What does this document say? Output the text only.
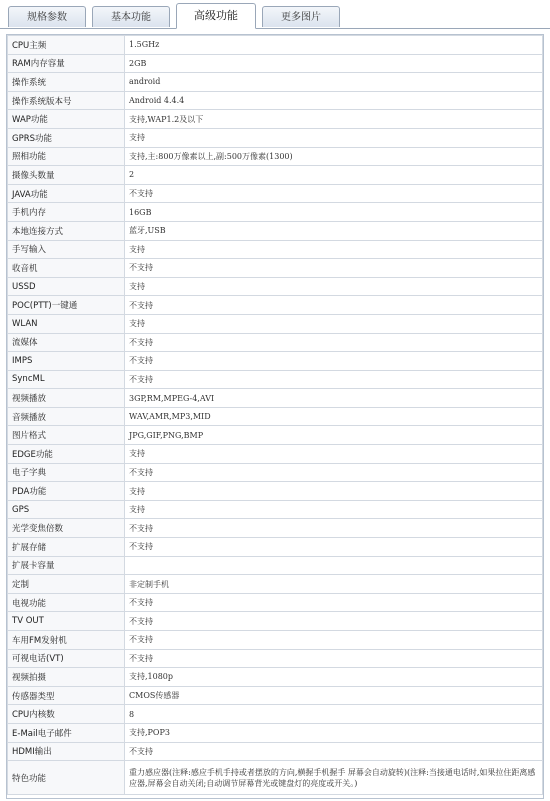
规格参数	基本功能	高级功能	更多图片
CPU主频	1.5GHz
RAM内存容量	2GB
操作系统	android
操作系统版本号	Android 4.4.4
WAP功能	支持,WAP1.2及以下
GPRS功能	支持
照相功能	支持,主:800万像素以上,副:500万像素(1300)
摄像头数量	2
JAVA功能	不支持
手机内存	16GB
本地连接方式	蓝牙,USB
手写输入	支持
收音机	不支持
USSD	支持
POC(PTT)一键通	不支持
WLAN	支持
流媒体	不支持
IMPS	不支持
SyncML	不支持
视频播放	3GP,RM,MPEG-4,AVI
音频播放	WAV,AMR,MP3,MID
图片格式	JPG,GIF,PNG,BMP
EDGE功能	支持
电子字典	不支持
PDA功能	支持
GPS	支持
光学变焦倍数	不支持
扩展存储	不支持
扩展卡容量	
定制	非定制手机
电视功能	不支持
TV OUT	不支持
车用FM发射机	不支持
可视电话(VT)	不支持
视频拍摄	支持,1080p
传感器类型	CMOS传感器
CPU内核数	8
E-Mail电子邮件	支持,POP3
HDMI输出	不支持
特色功能	重力感应器(注释:感应手机手持或者摆放的方向,横握手机握手 屏幕会自动旋转)(注释:当接通电话时,如果拉住距离感应器,屏幕会自动关闭;自动调节屏幕背光或键盘灯的亮度或开关。)
